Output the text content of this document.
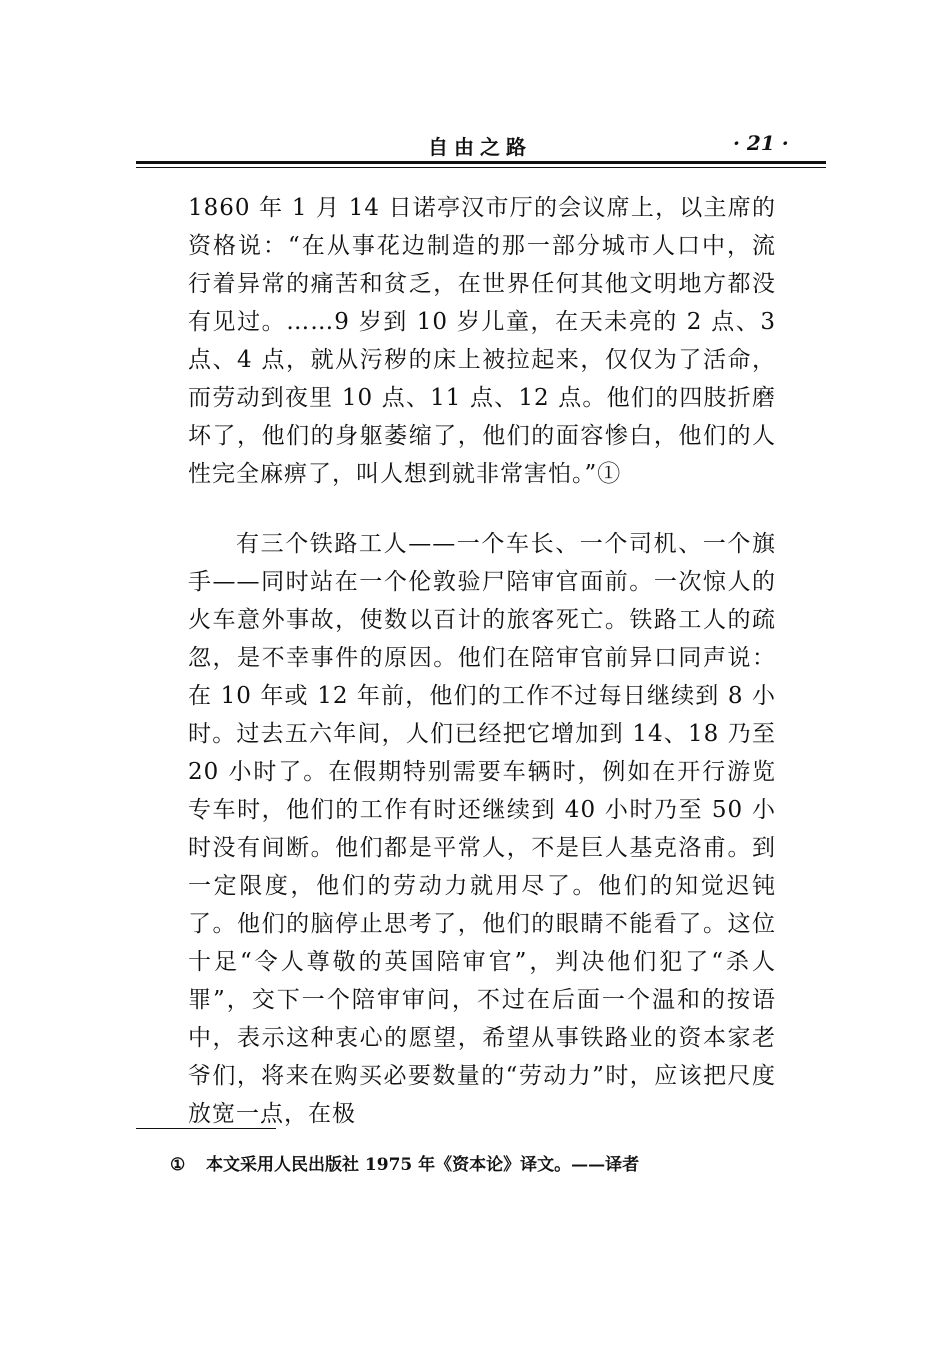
自由之路	· 21 ·

1860 年 1 月 14 日诺亭汉市厅的会议席上，以主席的资格说：“在从事花边制造的那一部分城市人口中，流行着异常的痛苦和贫乏，在世界任何其他文明地方都没有见过。……9 岁到 10 岁儿童，在天未亮的 2 点、3 点、4 点，就从污秽的床上被拉起来，仅仅为了活命，而劳动到夜里 10 点、11 点、12 点。他们的四肢折磨坏了，他们的身躯萎缩了，他们的面容惨白，他们的人性完全麻痹了，叫人想到就非常害怕。”①

有三个铁路工人——一个车长、一个司机、一个旗手——同时站在一个伦敦验尸陪审官面前。一次惊人的火车意外事故，使数以百计的旅客死亡。铁路工人的疏忽，是不幸事件的原因。他们在陪审官前异口同声说：在 10 年或 12 年前，他们的工作不过每日继续到 8 小时。过去五六年间，人们已经把它增加到 14、18 乃至 20 小时了。在假期特别需要车辆时，例如在开行游览专车时，他们的工作有时还继续到 40 小时乃至 50 小时没有间断。他们都是平常人，不是巨人基克洛甫。到一定限度，他们的劳动力就用尽了。他们的知觉迟钝了。他们的脑停止思考了，他们的眼睛不能看了。这位十足“令人尊敬的英国陪审官”，判决他们犯了“杀人罪”，交下一个陪审审问，不过在后面一个温和的按语中，表示这种衷心的愿望，希望从事铁路业的资本家老爷们，将来在购买必要数量的“劳动力”时，应该把尺度放宽一点，在极

① 本文采用人民出版社 1975 年《资本论》译文。——译者
